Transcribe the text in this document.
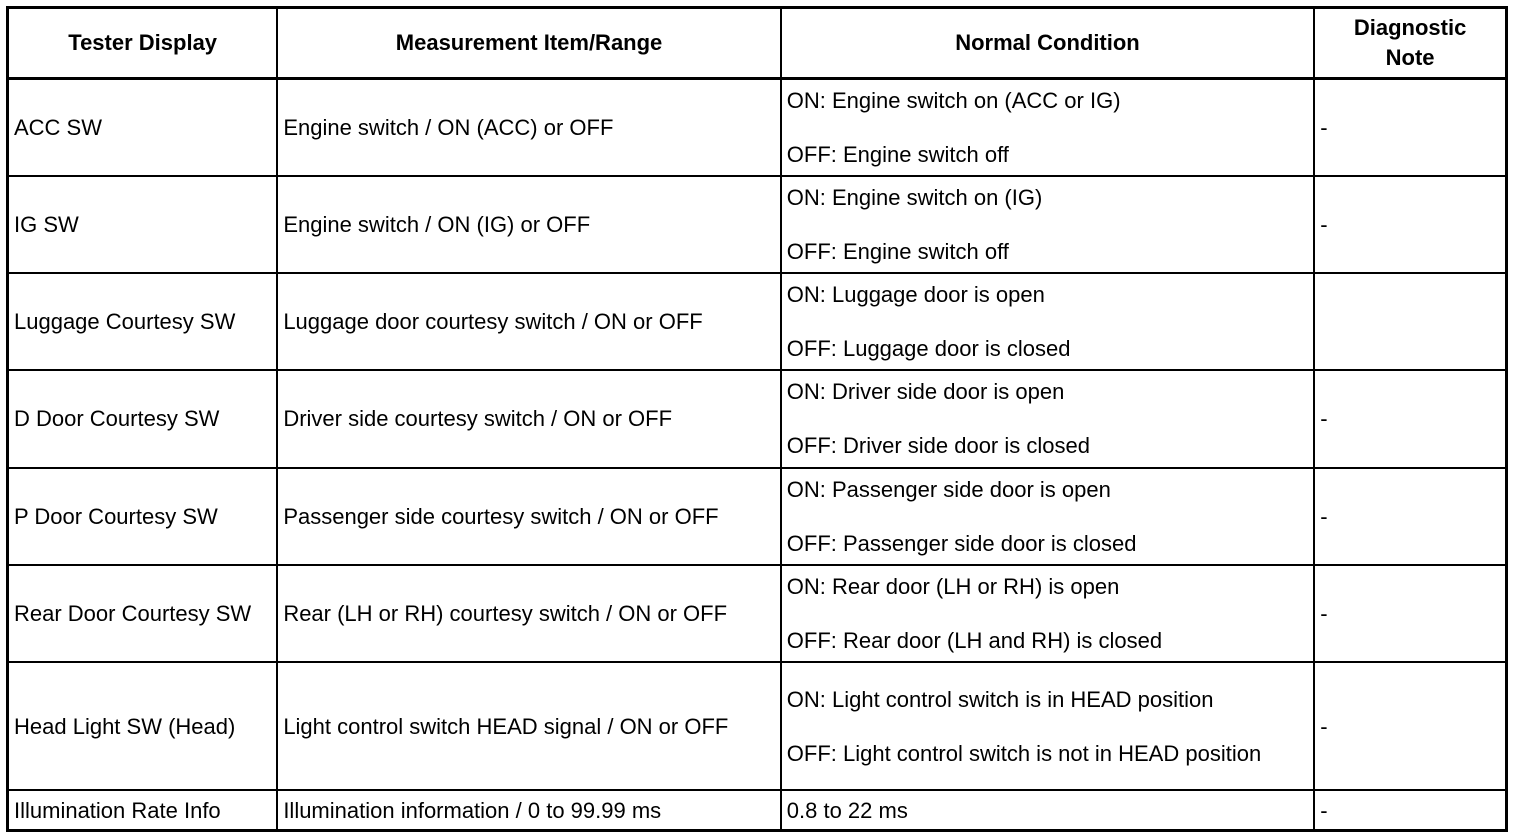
Tester Display	Measurement Item/Range	Normal Condition	Diagnostic
Note

ACC SW	Engine switch / ON (ACC) or OFF	ON: Engine switch on (ACC or IG)
OFF: Engine switch off	-
IG SW	Engine switch / ON (IG) or OFF	ON: Engine switch on (IG)
OFF: Engine switch off	-
Luggage Courtesy SW	Luggage door courtesy switch / ON or OFF	ON: Luggage door is open
OFF: Luggage door is closed	

D Door Courtesy SW	Driver side courtesy switch / ON or OFF	ON: Driver side door is open
OFF: Driver side door is closed	-
P Door Courtesy SW	Passenger side courtesy switch / ON or OFF	ON: Passenger side door is open
OFF: Passenger side door is closed	-
Rear Door Courtesy SW	Rear (LH or RH) courtesy switch / ON or OFF	ON: Rear door (LH or RH) is open
OFF: Rear door (LH and RH) is closed	-
Head Light SW (Head)	Light control switch HEAD signal / ON or OFF	ON: Light control switch is in HEAD position
OFF: Light control switch is not in HEAD position	-
Illumination Rate Info	Illumination information / 0 to 99.99 ms	0.8 to 22 ms	-
